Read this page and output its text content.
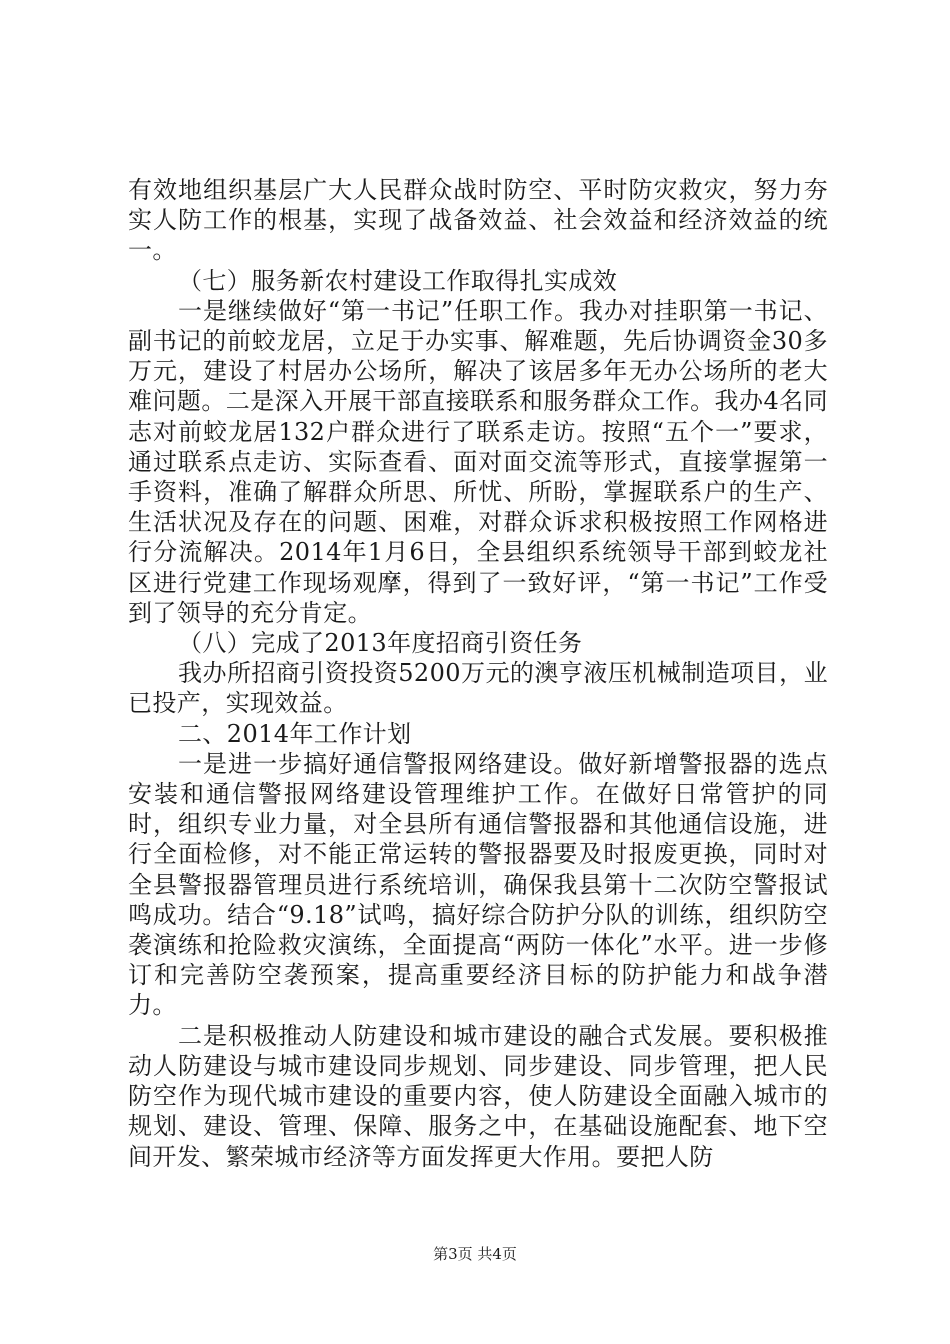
有效地组织基层广大人民群众战时防空、平时防灾救灾，努力夯实人防工作的根基，实现了战备效益、社会效益和经济效益的统一。

（七）服务新农村建设工作取得扎实成效

一是继续做好“第一书记”任职工作。我办对挂职第一书记、副书记的前蛟龙居，立足于办实事、解难题，先后协调资金30多万元，建设了村居办公场所，解决了该居多年无办公场所的老大难问题。二是深入开展干部直接联系和服务群众工作。我办4名同志对前蛟龙居132户群众进行了联系走访。按照“五个一”要求，通过联系点走访、实际查看、面对面交流等形式，直接掌握第一手资料，准确了解群众所思、所忧、所盼，掌握联系户的生产、生活状况及存在的问题、困难，对群众诉求积极按照工作网格进行分流解决。2014年1月6日，全县组织系统领导干部到蛟龙社区进行党建工作现场观摩，得到了一致好评，“第一书记”工作受到了领导的充分肯定。

（八）完成了2013年度招商引资任务

我办所招商引资投资5200万元的澳亨液压机械制造项目，业已投产，实现效益。

二、2014年工作计划

一是进一步搞好通信警报网络建设。做好新增警报器的选点安装和通信警报网络建设管理维护工作。在做好日常管护的同时，组织专业力量，对全县所有通信警报器和其他通信设施，进行全面检修，对不能正常运转的警报器要及时报废更换，同时对全县警报器管理员进行系统培训，确保我县第十二次防空警报试鸣成功。结合“9.18”试鸣，搞好综合防护分队的训练，组织防空袭演练和抢险救灾演练，全面提高“两防一体化”水平。进一步修订和完善防空袭预案，提高重要经济目标的防护能力和战争潜力。

二是积极推动人防建设和城市建设的融合式发展。要积极推动人防建设与城市建设同步规划、同步建设、同步管理，把人民防空作为现代城市建设的重要内容，使人防建设全面融入城市的规划、建设、管理、保障、服务之中，在基础设施配套、地下空间开发、繁荣城市经济等方面发挥更大作用。要把人防

第3页 共4页
